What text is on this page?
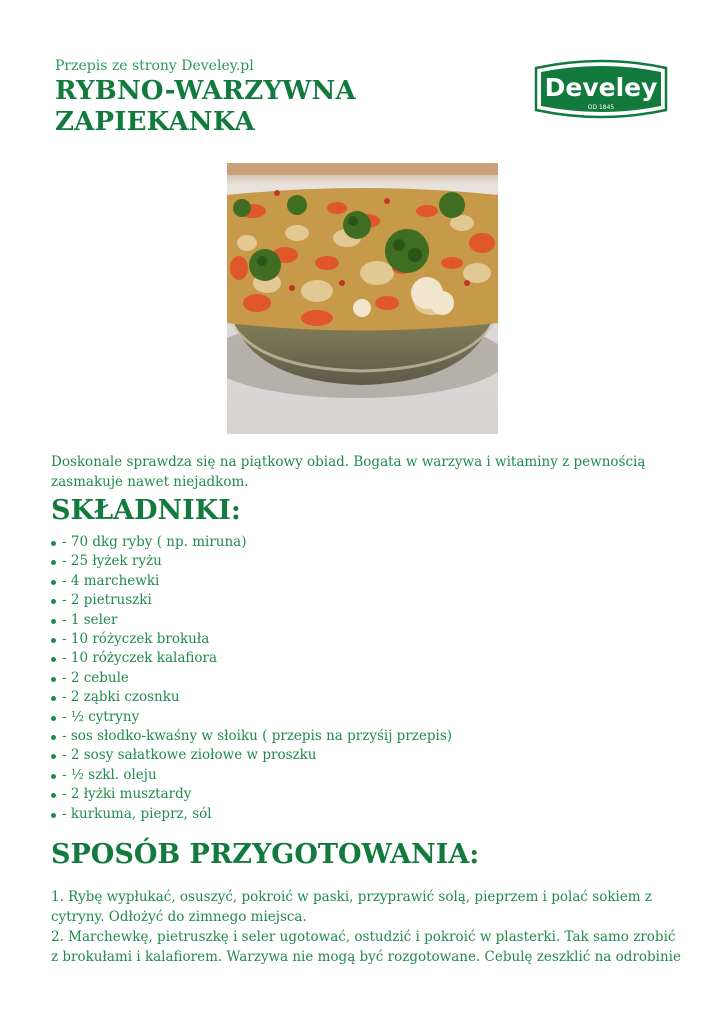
Przepis ze strony Develey.pl
RYBNO-WARZYWNA
ZAPIEKANKA
Develey
OD 1845

Doskonale sprawdza się na piątkowy obiad. Bogata w warzywa i witaminy z pewnością zasmakuje nawet niejadkom.

SKŁADNIKI:
- 70 dkg ryby ( np. miruna)
- 25 łyżek ryżu
- 4 marchewki
- 2 pietruszki
- 1 seler
- 10 różyczek brokuła
- 10 różyczek kalafiora
- 2 cebule
- 2 ząbki czosnku
- ½ cytryny
- sos słodko-kwaśny w słoiku ( przepis na przyśij przepis)
- 2 sosy sałatkowe ziołowe w proszku
- ½ szkl. oleju
- 2 łyżki musztardy
- kurkuma, pieprz, sól
SPOSÓB PRZYGOTOWANIA:

1. Rybę wypłukać, osuszyć, pokroić w paski, przyprawić solą, pieprzem i polać sokiem z cytryny. Odłożyć do zimnego miejsca.

2. Marchewkę, pietruszkę i seler ugotować, ostudzić i pokroić w plasterki. Tak samo zrobić z brokułami i kalafiorem. Warzywa nie mogą być rozgotowane. Cebulę zeszklić na odrobinie
